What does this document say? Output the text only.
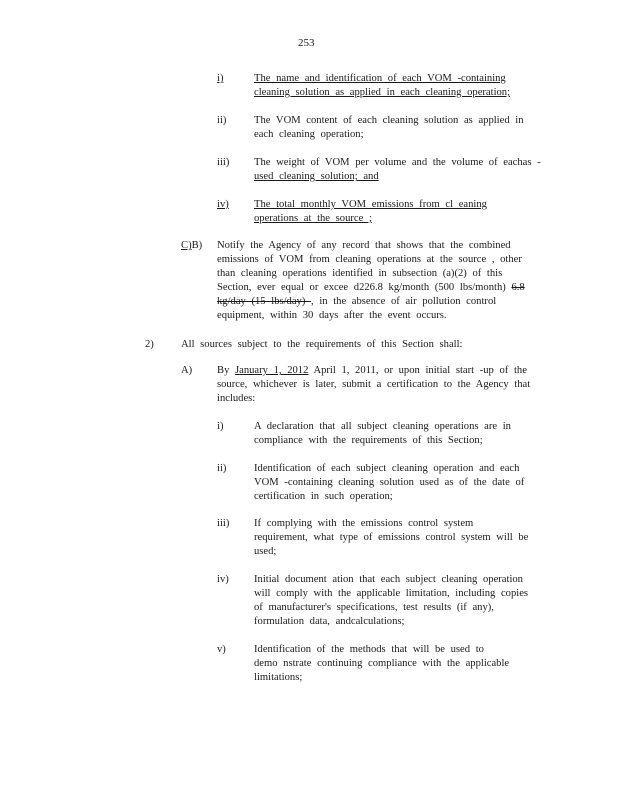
253
i)	The name and identification of each VOM -containing
cleaning solution as applied in each cleaning operation;
ii)	The VOM content of each cleaning solution as applied in
each cleaning operation;
iii) The weight of VOM per volume and the volume of eachas -
used cleaning solution; and
iv) The total monthly VOM emissions from cl eaning
operations at the source ;
C)B) Notify the Agency of any record that shows that the combined
emissions of VOM from cleaning operations at the source , other
than cleaning operations identified in subsection (a)(2) of this
Section, ever equal or excee d226.8 kg/month (500 lbs/month) 6.8
kg/day (15 lbs/day) , in the absence of air pollution control
equipment, within 30 days after the event occurs.
2)	All sources subject to the requirements of this Section shall:
A) By January 1, 2012 April 1, 2011, or upon initial start -up of the
source, whichever is later, submit a certification to the Agency that
includes:
i)	A declaration that all subject cleaning operations are in
compliance with the requirements of this Section;
ii)	Identification of each subject cleaning operation and each
VOM -containing cleaning solution used as of the date of
certification in such operation;
iii) If complying with the emissions control system
requirement, what type of emissions control system will be
used;
iv) Initial document ation that each subject cleaning operation
will comply with the applicable limitation, including copies
of manufacturer's specifications, test results (if any),
formulation data, andcalculations;
v)	Identification of the methods that will be used to
demo nstrate continuing compliance with the applicable
limitations;
